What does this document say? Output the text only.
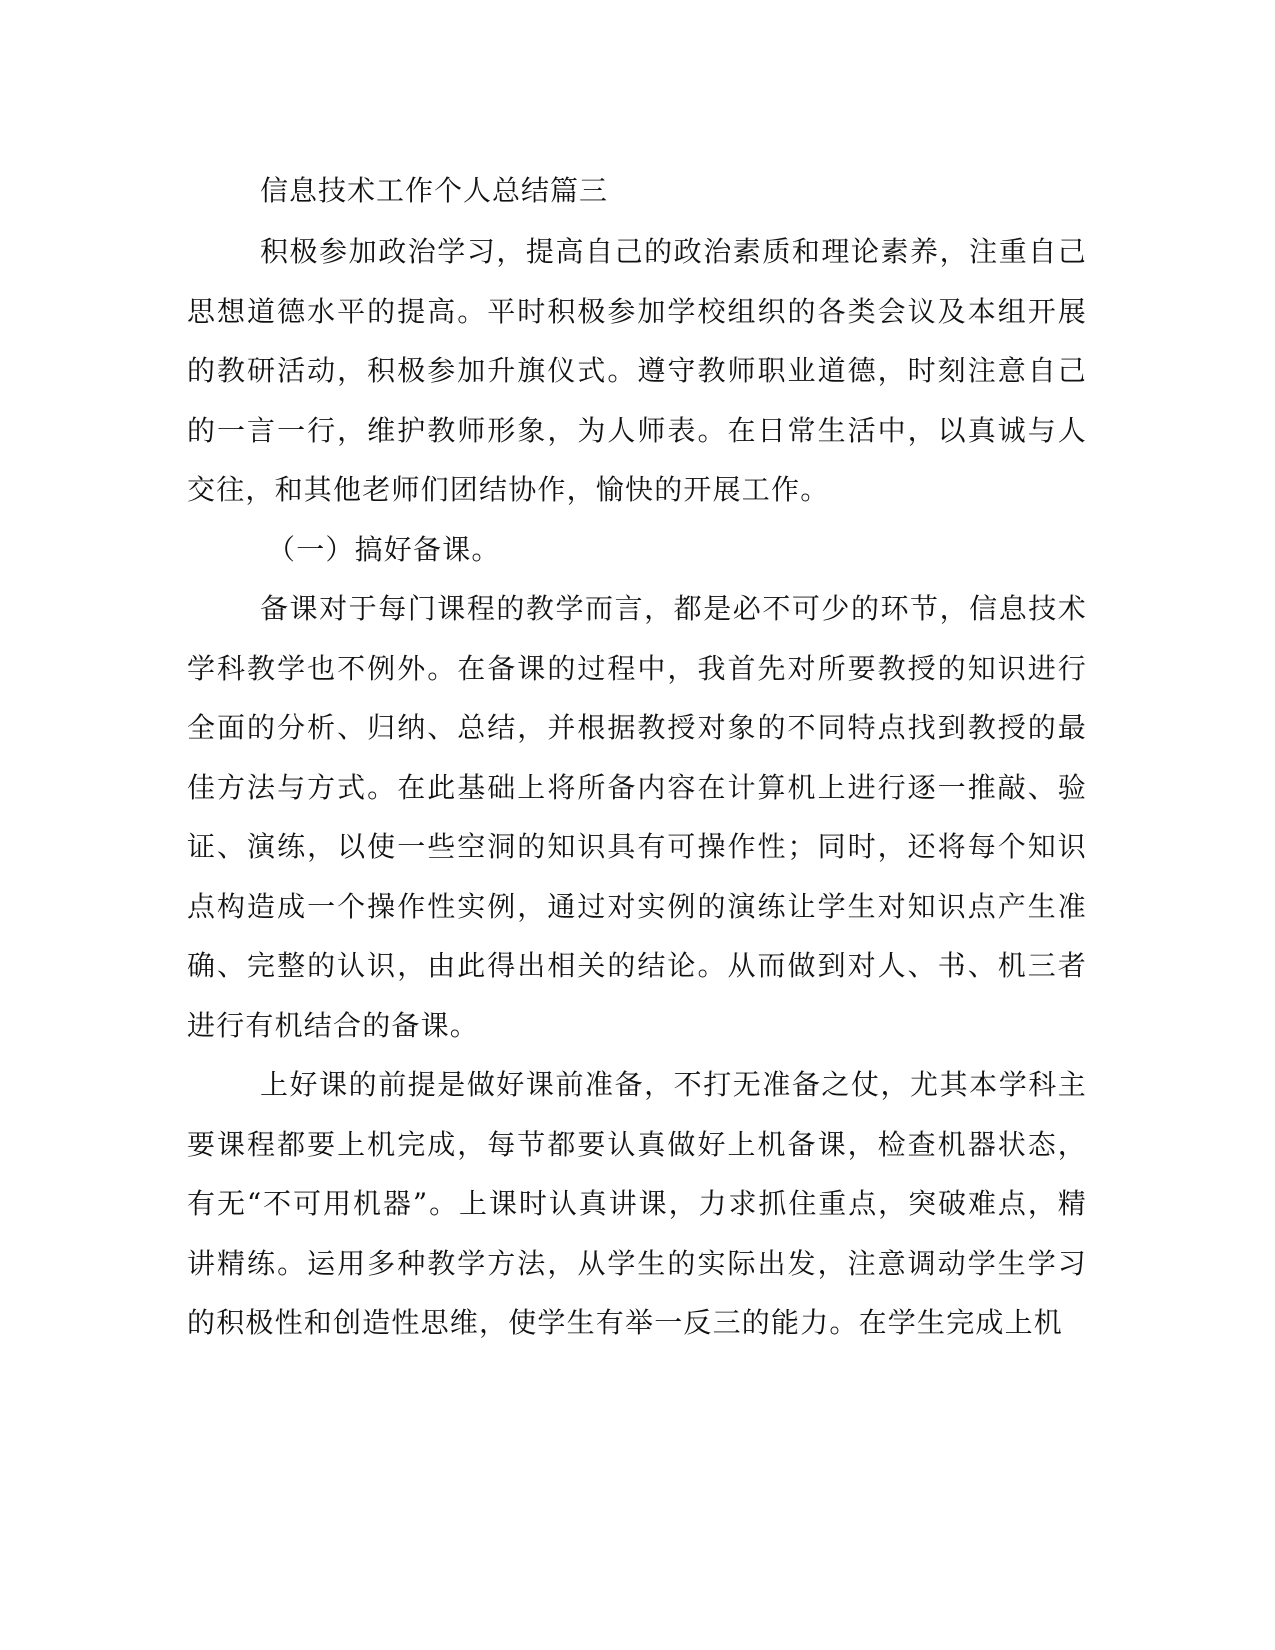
信息技术工作个人总结篇三

积极参加政治学习，提高自己的政治素质和理论素养，注重自己思想道德水平的提高。平时积极参加学校组织的各类会议及本组开展的教研活动，积极参加升旗仪式。遵守教师职业道德，时刻注意自己的一言一行，维护教师形象，为人师表。在日常生活中，以真诚与人交往，和其他老师们团结协作，愉快的开展工作。

（一）搞好备课。

备课对于每门课程的教学而言，都是必不可少的环节，信息技术学科教学也不例外。在备课的过程中，我首先对所要教授的知识进行全面的分析、归纳、总结，并根据教授对象的不同特点找到教授的最佳方法与方式。在此基础上将所备内容在计算机上进行逐一推敲、验证、演练，以使一些空洞的知识具有可操作性；同时，还将每个知识点构造成一个操作性实例，通过对实例的演练让学生对知识点产生准确、完整的认识，由此得出相关的结论。从而做到对人、书、机三者进行有机结合的备课。

上好课的前提是做好课前准备，不打无准备之仗，尤其本学科主要课程都要上机完成，每节都要认真做好上机备课，检查机器状态，有无“不可用机器”。上课时认真讲课，力求抓住重点，突破难点，精讲精练。运用多种教学方法，从学生的实际出发，注意调动学生学习的积极性和创造性思维，使学生有举一反三的能力。在学生完成上机
